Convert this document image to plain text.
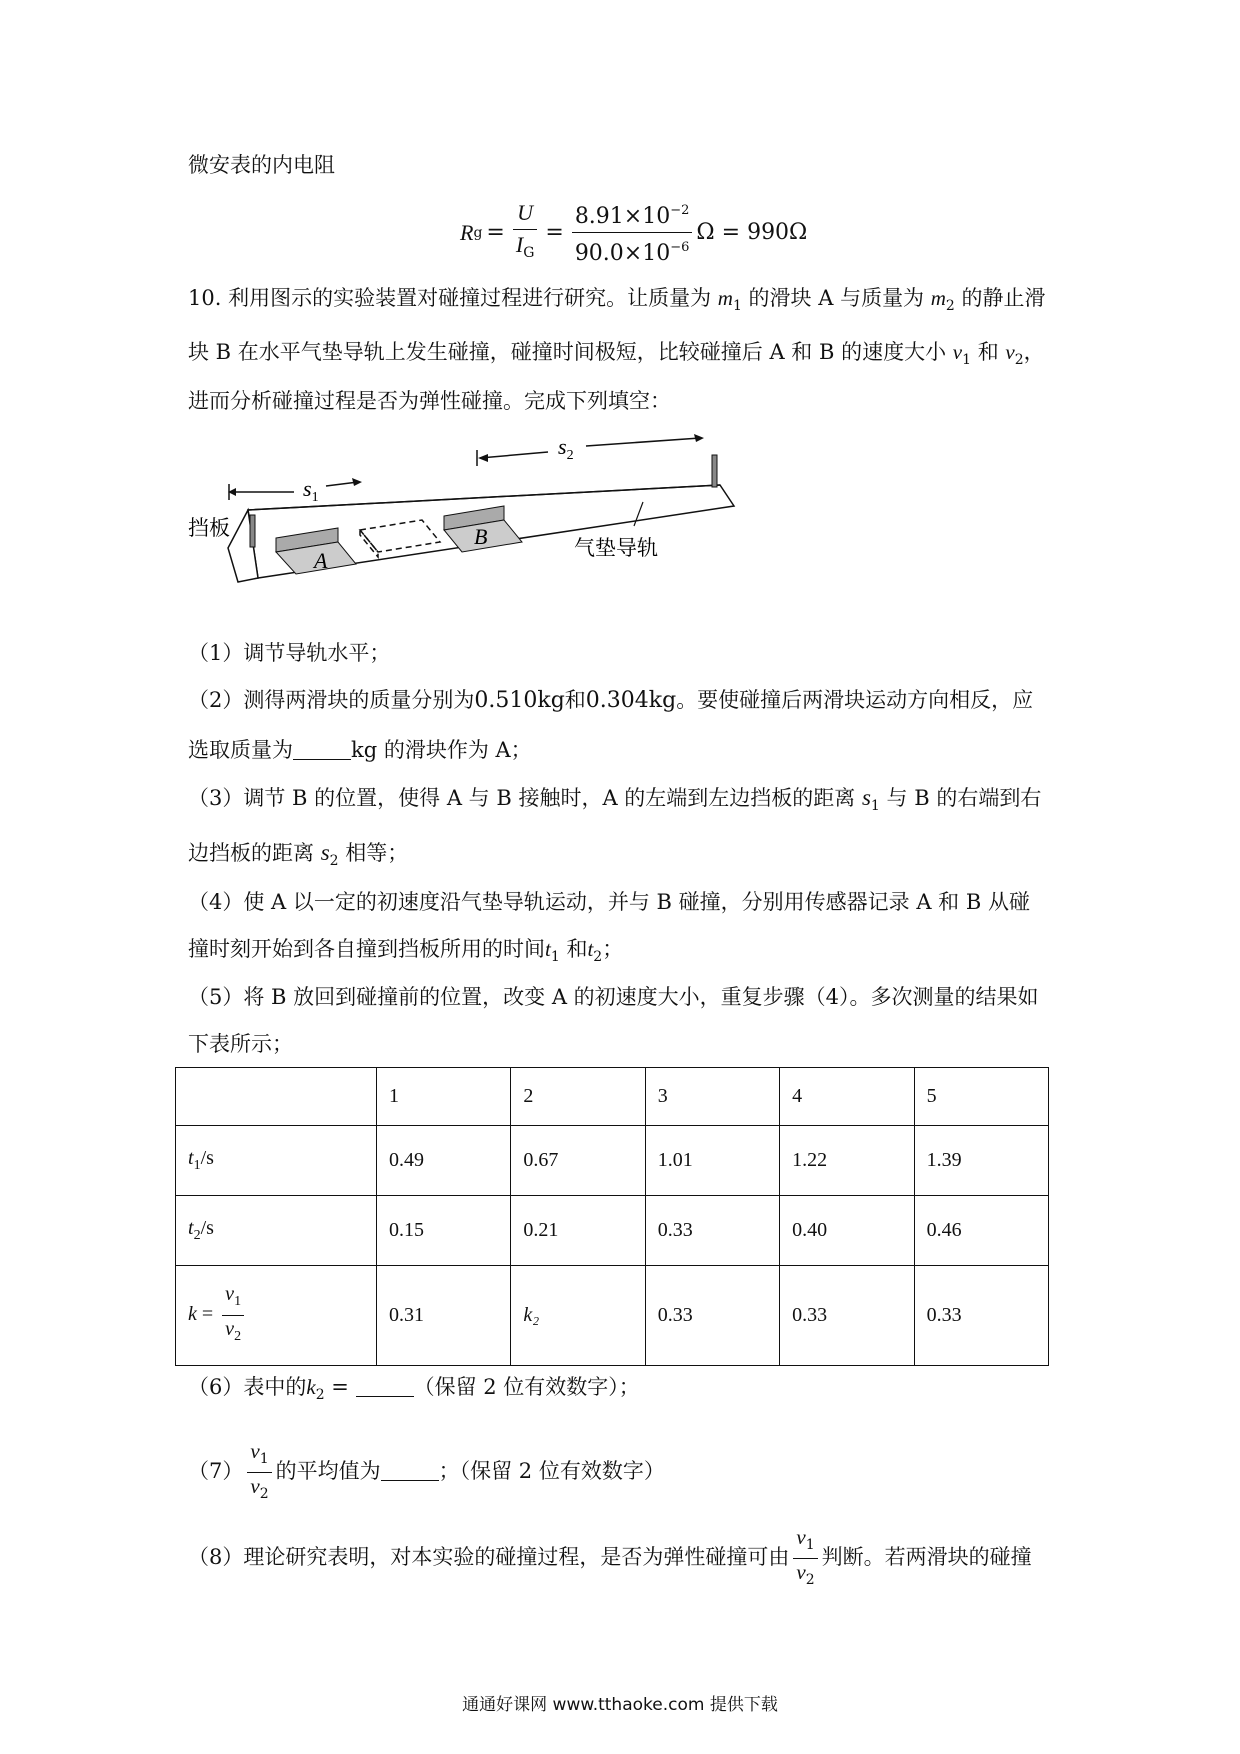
微安表的内电阻
R $g = \frac{U}{I_G} = \frac{8.91\times 10^{-2}}{90.0\times 10^{-6}}$ Ω = 990Ω
10. 利用图示的实验装置对碰撞过程进行研究。让质量为 $m_1$ 的滑块 A 与质量为 $m_2$ 的静止滑
块 B 在水平气垫导轨上发生碰撞，碰撞时间极短，比较碰撞后 A 和 B 的速度大小 $v_1$ 和 $v_2$，
进而分析碰撞过程是否为弹性碰撞。完成下列填空：
$s_1$
$s_2$
A
B
挡板
气垫导轨
（1）调节导轨水平；
（2）测得两滑块的质量分别为0.510kg和0.304kg。要使碰撞后两滑块运动方向相反，应
选取质量为	kg 的滑块作为 A；
（3）调节 B 的位置，使得 A 与 B 接触时，A 的左端到左边挡板的距离 $s_1$ 与 B 的右端到右
边挡板的距离 $s_2$ 相等；
（4）使 A 以一定的初速度沿气垫导轨运动，并与 B 碰撞，分别用传感器记录 A 和 B 从碰
撞时刻开始到各自撞到挡板所用的时间$t_1$ 和$t_2$；
（5）将 B 放回到碰撞前的位置，改变 A 的初速度大小，重复步骤（4）。多次测量的结果如
下表所示；
	1	2	3	4	5
$t_1/s$	0.49	0.67	1.01	1.22	1.39
$t_2/s$	0.15	0.21	0.33	0.40	0.46
$k = \frac{v_1}{v_2}$	0.31	k₂	0.33	0.33	0.33
（6）表中的$k_2$ =	（保留 2 位有效数字）；
$(7) \frac{v_1}{v_2}$ 的平均值为	；（保留 2 位有效数字）
（8）理论研究表明，对本实验的碰撞过程，是否为弹性碰撞可由 $\frac{v_1}{v_2}$ 判断。若两滑块的碰撞
通通好课网 www.tthaoke.com 提供下载
